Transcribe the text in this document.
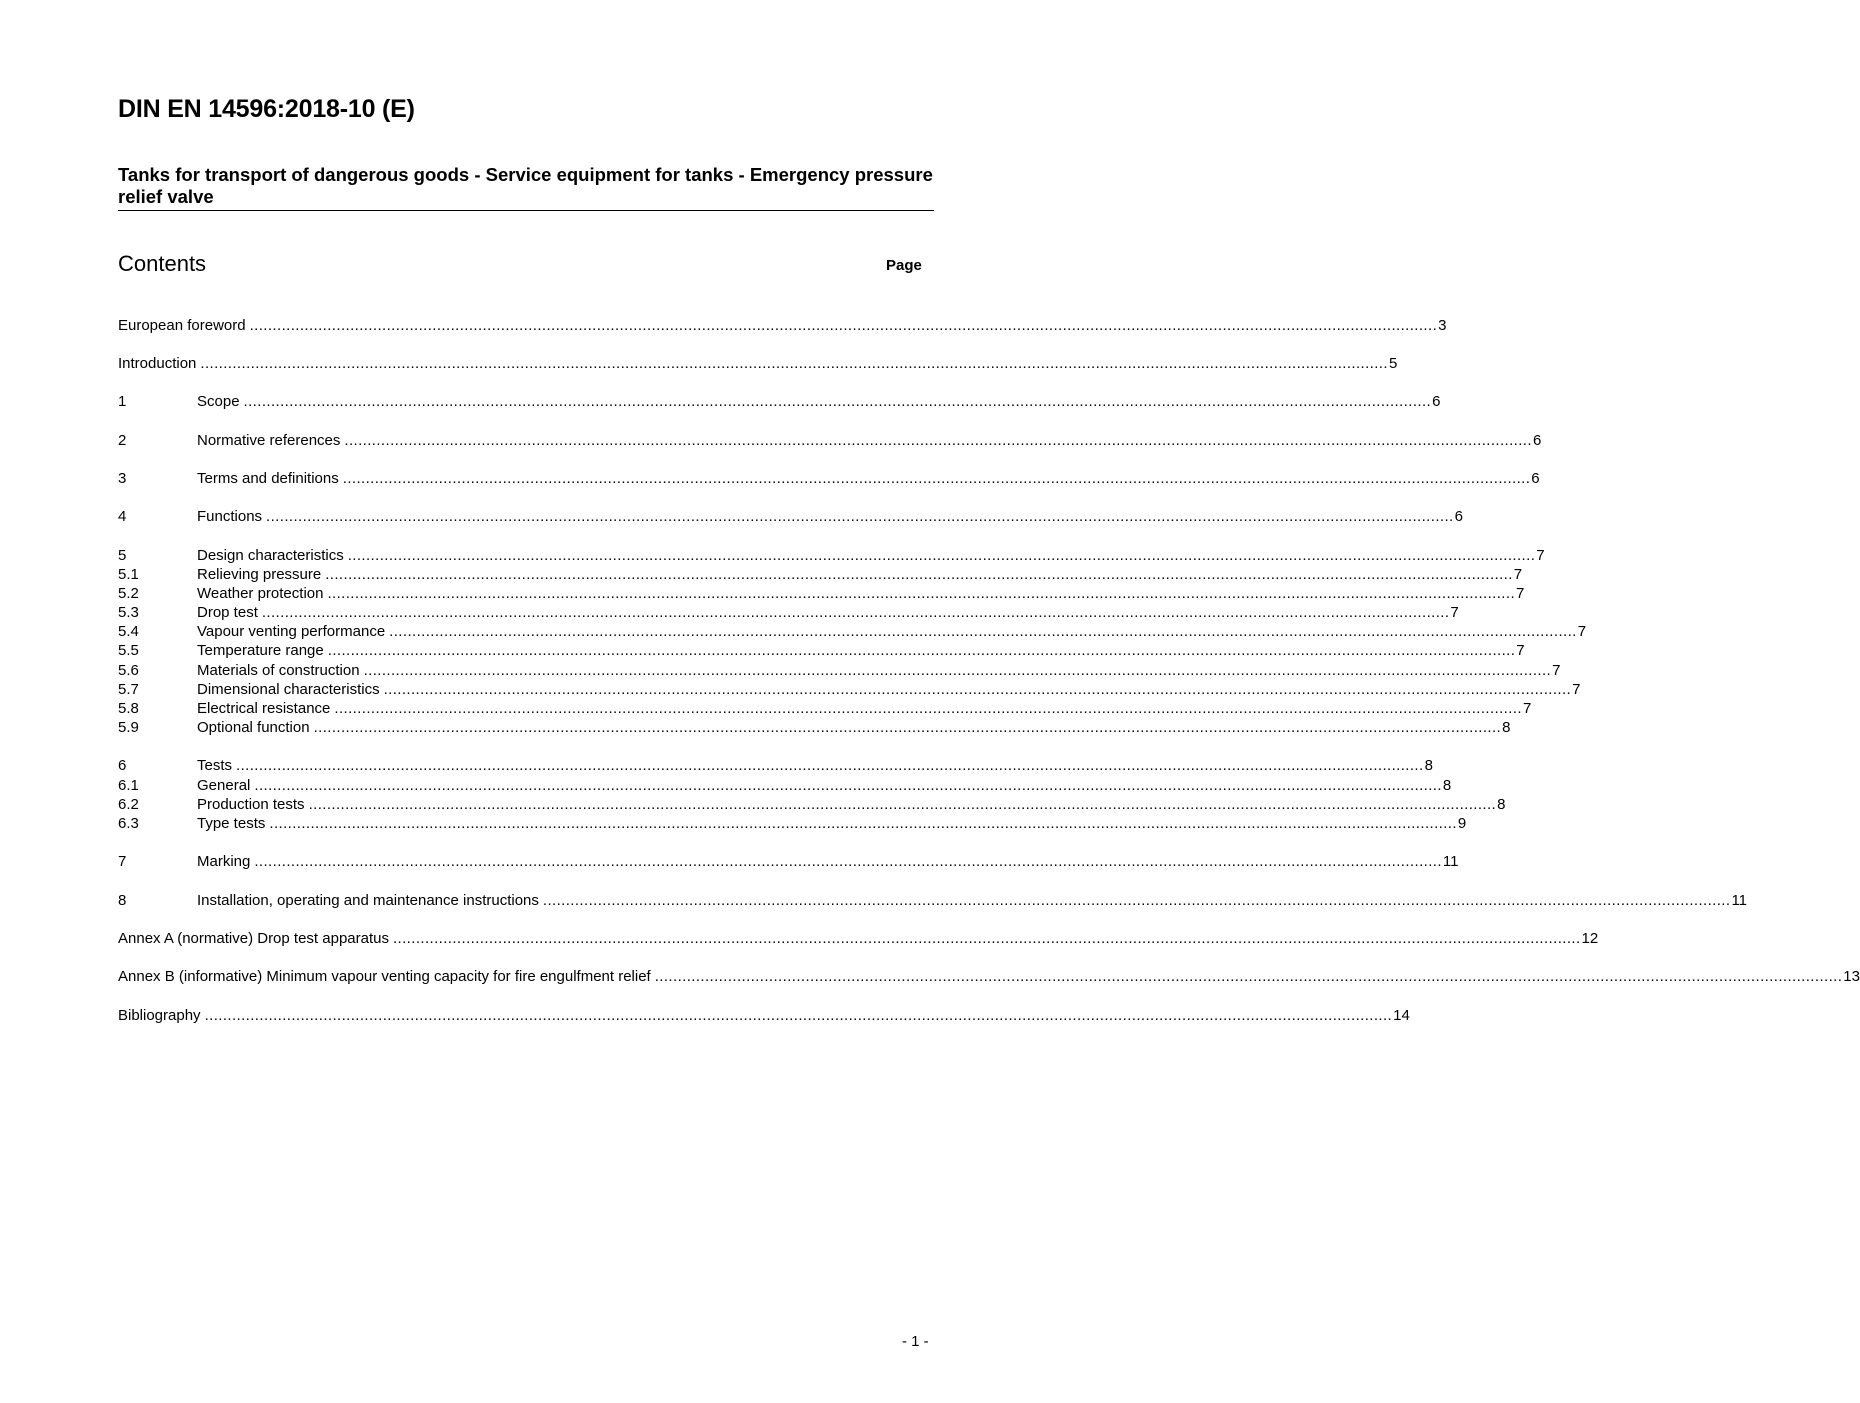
DIN EN 14596:2018-10 (E)
Tanks for transport of dangerous goods - Service equipment for tanks - Emergency pressure relief valve
Contents	Page
European foreword .................................................................................................................................................................................................................................................................... 3
Introduction .................................................................................................................................................................................................................................................................... 5
1	Scope .................................................................................................................................................................................................................................................................... 6
2	Normative references .................................................................................................................................................................................................................................................................... 6
3	Terms and definitions .................................................................................................................................................................................................................................................................... 6
4	Functions .................................................................................................................................................................................................................................................................... 6
5	Design characteristics .................................................................................................................................................................................................................................................................... 7
5.1	Relieving pressure .................................................................................................................................................................................................................................................................... 7
5.2	Weather protection .................................................................................................................................................................................................................................................................... 7
5.3	Drop test .................................................................................................................................................................................................................................................................... 7
5.4	Vapour venting performance .................................................................................................................................................................................................................................................................... 7
5.5	Temperature range .................................................................................................................................................................................................................................................................... 7
5.6	Materials of construction .................................................................................................................................................................................................................................................................... 7
5.7	Dimensional characteristics .................................................................................................................................................................................................................................................................... 7
5.8	Electrical resistance .................................................................................................................................................................................................................................................................... 7
5.9	Optional function .................................................................................................................................................................................................................................................................... 8
6	Tests .................................................................................................................................................................................................................................................................... 8
6.1	General .................................................................................................................................................................................................................................................................... 8
6.2	Production tests .................................................................................................................................................................................................................................................................... 8
6.3	Type tests .................................................................................................................................................................................................................................................................... 9
7	Marking .................................................................................................................................................................................................................................................................... 11
8	Installation, operating and maintenance instructions .................................................................................................................................................................................................................................................................... 11
Annex A (normative) Drop test apparatus .................................................................................................................................................................................................................................................................... 12
Annex B (informative) Minimum vapour venting capacity for fire engulfment relief .................................................................................................................................................................................................................................................................... 13
Bibliography .................................................................................................................................................................................................................................................................... 14
- 1 -
